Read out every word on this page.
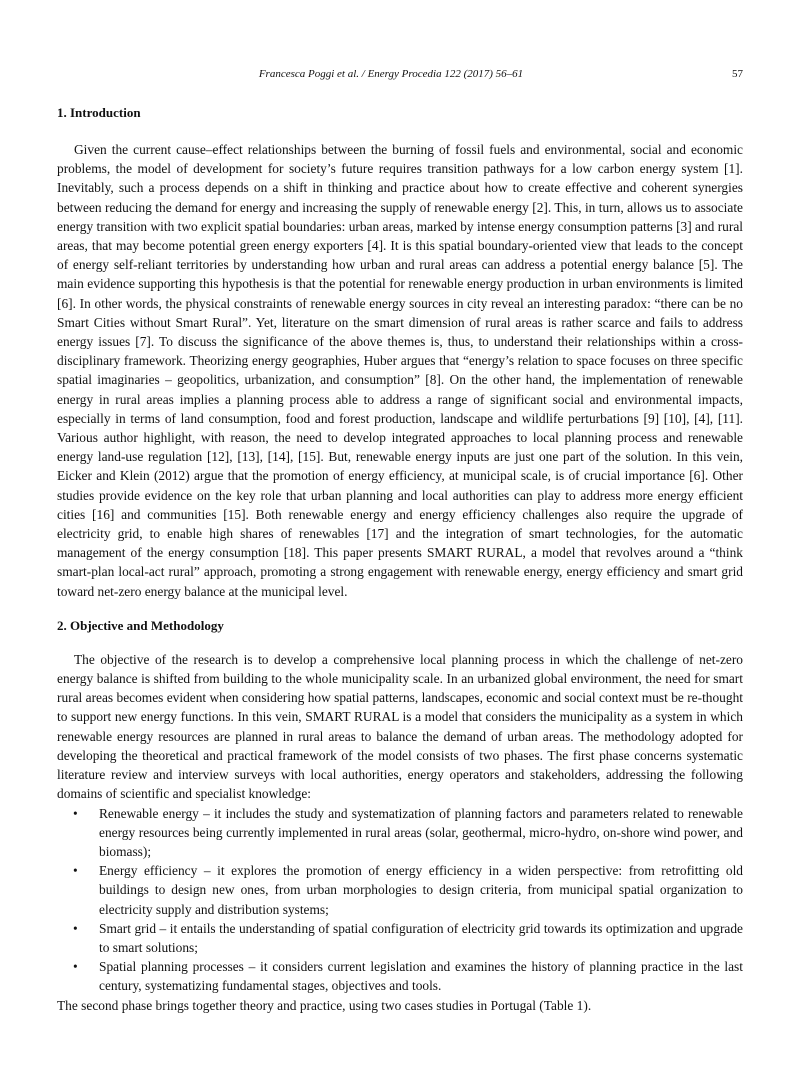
Francesca Poggi et al. / Energy Procedia 122 (2017) 56–61	57
1. Introduction

Given the current cause–effect relationships between the burning of fossil fuels and environmental, social and economic problems, the model of development for society’s future requires transition pathways for a low carbon energy system [1]. Inevitably, such a process depends on a shift in thinking and practice about how to create effective and coherent synergies between reducing the demand for energy and increasing the supply of renewable energy [2]. This, in turn, allows us to associate energy transition with two explicit spatial boundaries: urban areas, marked by intense energy consumption patterns [3] and rural areas, that may become potential green energy exporters [4]. It is this spatial boundary-oriented view that leads to the concept of energy self-reliant territories by understanding how urban and rural areas can address a potential energy balance [5]. The main evidence supporting this hypothesis is that the potential for renewable energy production in urban environments is limited [6]. In other words, the physical constraints of renewable energy sources in city reveal an interesting paradox: “there can be no Smart Cities without Smart Rural”. Yet, literature on the smart dimension of rural areas is rather scarce and fails to address energy issues [7]. To discuss the significance of the above themes is, thus, to understand their relationships within a cross-disciplinary framework. Theorizing energy geographies, Huber argues that “energy’s relation to space focuses on three specific spatial imaginaries – geopolitics, urbanization, and consumption” [8]. On the other hand, the implementation of renewable energy in rural areas implies a planning process able to address a range of significant social and environmental impacts, especially in terms of land consumption, food and forest production, landscape and wildlife perturbations [9] [10], [4], [11]. Various author highlight, with reason, the need to develop integrated approaches to local planning process and renewable energy land-use regulation [12], [13], [14], [15]. But, renewable energy inputs are just one part of the solution. In this vein, Eicker and Klein (2012) argue that the promotion of energy efficiency, at municipal scale, is of crucial importance [6]. Other studies provide evidence on the key role that urban planning and local authorities can play to address more energy efficient cities [16] and communities [15]. Both renewable energy and energy efficiency challenges also require the upgrade of electricity grid, to enable high shares of renewables [17] and the integration of smart technologies, for the automatic management of the energy consumption [18]. This paper presents SMART RURAL, a model that revolves around a “think smart-plan local-act rural” approach, promoting a strong engagement with renewable energy, energy efficiency and smart grid toward net-zero energy balance at the municipal level.

2. Objective and Methodology

The objective of the research is to develop a comprehensive local planning process in which the challenge of net-zero energy balance is shifted from building to the whole municipality scale. In an urbanized global environment, the need for smart rural areas becomes evident when considering how spatial patterns, landscapes, economic and social context must be re-thought to support new energy functions. In this vein, SMART RURAL is a model that considers the municipality as a system in which renewable energy resources are planned in rural areas to balance the demand of urban areas. The methodology adopted for developing the theoretical and practical framework of the model consists of two phases. The first phase concerns systematic literature review and interview surveys with local authorities, energy operators and stakeholders, addressing the following domains of scientific and specialist knowledge:

• Renewable energy – it includes the study and systematization of planning factors and parameters related to renewable energy resources being currently implemented in rural areas (solar, geothermal, micro-hydro, on-shore wind power, and biomass);
• Energy efficiency – it explores the promotion of energy efficiency in a widen perspective: from retrofitting old buildings to design new ones, from urban morphologies to design criteria, from municipal spatial organization to electricity supply and distribution systems;
• Smart grid – it entails the understanding of spatial configuration of electricity grid towards its optimization and upgrade to smart solutions;
• Spatial planning processes – it considers current legislation and examines the history of planning practice in the last century, systematizing fundamental stages, objectives and tools.

The second phase brings together theory and practice, using two cases studies in Portugal (Table 1).
